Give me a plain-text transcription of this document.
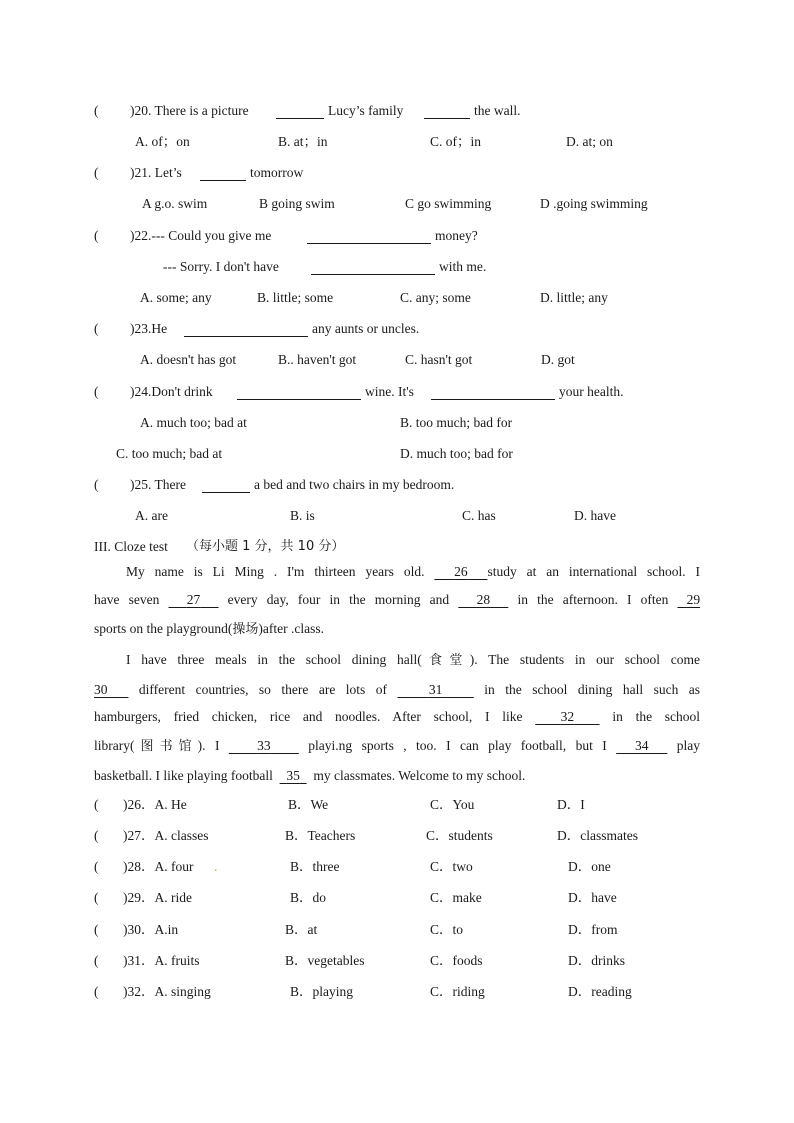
( )20. There is a picture	Lucy’s family	the wall.
A. of；on	B. at；in	C. of；in	D. at; on
( )21. Let’s	tomorrow
A g.o. swim	B going swim	C go swimming	D .going swimming
( )22.--- Could you give me	money?
--- Sorry. I don't have	with me.
A. some; any	B. little; some	C. any; some	D. little; any
( )23.He	any aunts or uncles.
A. doesn't has got	B.. haven't got	C. hasn't got	D. got
( )24.Don't drink	wine. It's	your health.
A. much too; bad at	B. too much; bad for
C. too much; bad at	D. much too; bad for
( )25. There	a bed and two chairs in my bedroom.
A. are	B. is	C. has	D. have
III. Cloze test （每小题 1 分，共 10 分）
My name is Li Ming . I'm thirteen years old. 26 study at an international school. I
have seven 27 every day, four in the morning and 28 in the afternoon. I often 29
sports on the playground(操场)after .class.
I have three meals in the school dining hall(食堂). The students in our school come
30 different countries, so there are lots of	31	in the school dining hall such as
hamburgers, fried chicken, rice and noodles. After school, I like	32	in the school
library(图书馆). I	33	playi.ng sports , too. I can play football, but I 34 play
basketball. I like playing football 35 my classmates. Welcome to my school.
( )26．A. He	B．We	C．You	D．I
( )27．A. classes	B．Teachers	C．students	D．classmates
( )28．A. four .	B．three	C．two	D．one
( )29．A. ride	B．do	C．make	D．have
( )30．A.in	B．at	C．to	D．from
( )31．A. fruits	B．vegetables	C．foods	D．drinks
( )32．A. singing	B．playing	C．riding	D．reading
